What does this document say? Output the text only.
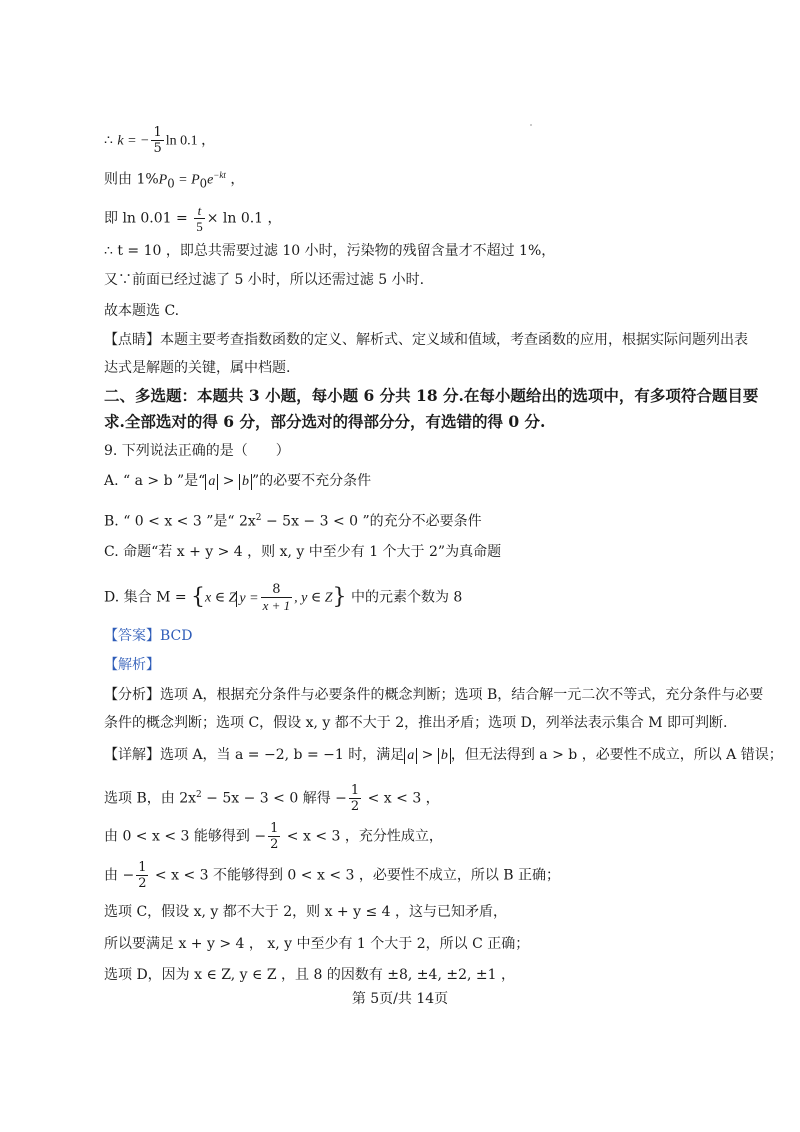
∴ k = − $\frac{1}{5}$ ln 0.1 ，
则由 $1\%P_0 = P_0e^{-kt}$ ，
即 $\ln 0.01 = \frac{t}{5} \times \ln 0.1$ ，
∴ t = 10 ，即总共需要过滤 10 小时，污染物的残留含量才不超过 1%，
又∵前面已经过滤了 5 小时，所以还需过滤 5 小时.
故本题选 C.
【点睛】本题主要考查指数函数的定义、解析式、定义域和值域，考查函数的应用，根据实际问题列出表
达式是解题的关键，属中档题.
二、多选题：本题共 3 小题，每小题 6 分共 18 分.在每小题给出的选项中，有多项符合题目要
求.全部选对的得 6 分，部分选对的得部分分，有选错的得 0 分.
9. 下列说法正确的是（　　）
A. “ a > b ”是“ a > b ”的必要不充分条件
B. “ 0 < x < 3 ”是“ $2x^2 - 5x - 3 < 0$ ”的充分不必要条件
C. 命题“若 x + y > 4 ，则 x, y 中至少有 1 个大于 2”为真命题
D. 集合 M = {x ∈ Z $y = \frac{8}{x + 1}$ , y ∈ Z} 中的元素个数为 8
【答案】BCD
【解析】
【分析】选项 A，根据充分条件与必要条件的概念判断；选项 B，结合解一元二次不等式，充分条件与必要
条件的概念判断；选项 C，假设 x, y 都不大于 2，推出矛盾；选项 D，列举法表示集合 M 即可判断.
【详解】选项 A，当 a = −2, b = −1 时，满足 a > b ，但无法得到 a > b ，必要性不成立，所以 A 错误；
选项 B，由 $2x^2 - 5x - 3 < 0$ 解得 − $\frac{1}{2} < x < 3$ ，
由 0 < x < 3 能够得到 − $\frac{1}{2} < x < 3$ ，充分性成立，
由 − $\frac{1}{2} < x < 3$ 不能够得到 0 < x < 3 ，必要性不成立，所以 B 正确；
选项 C，假设 x, y 都不大于 2，则 x + y ≤ 4 ，这与已知矛盾，
所以要满足 x + y > 4 ， x, y 中至少有 1 个大于 2，所以 C 正确；
选项 D，因为 x ∈ Z, y ∈ Z ，且 8 的因数有 ±8, ±4, ±2, ±1 ，
第 5页/共 14页
